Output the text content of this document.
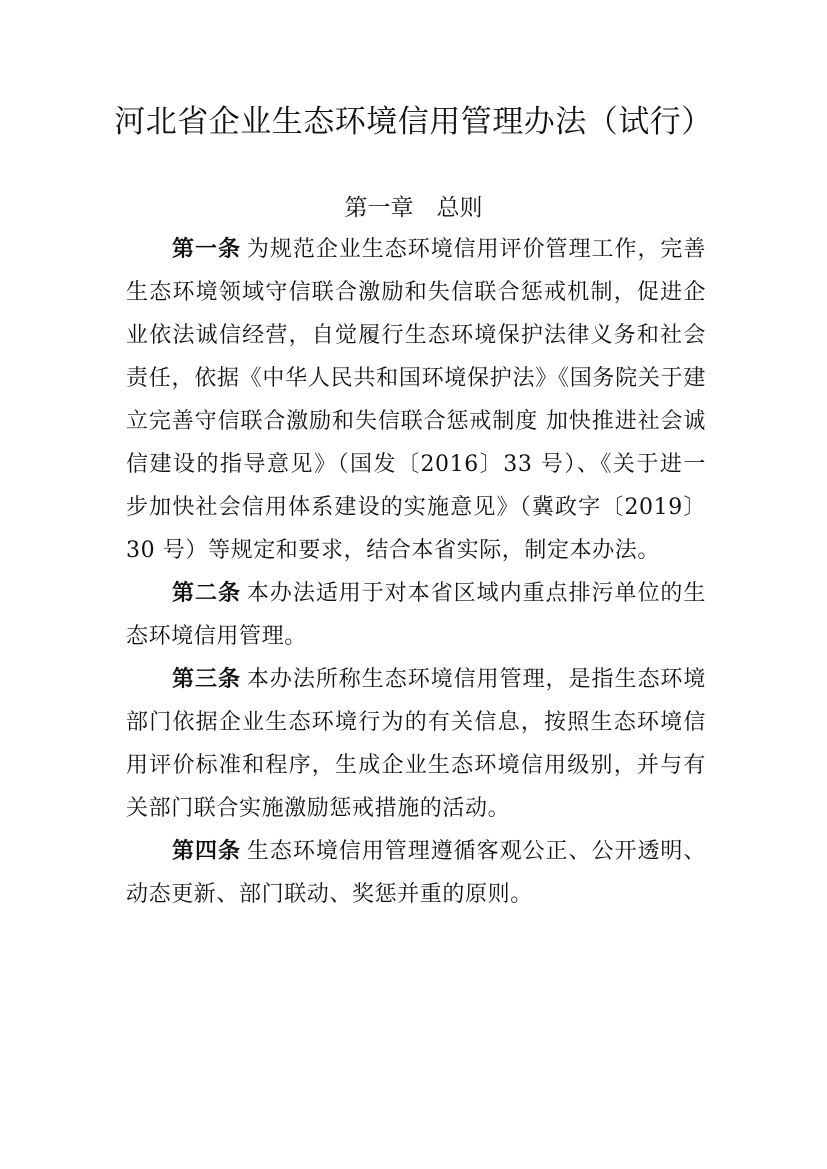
河北省企业生态环境信用管理办法（试行）
第一章　总则

第一条 为规范企业生态环境信用评价管理工作，完善生态环境领域守信联合激励和失信联合惩戒机制，促进企业依法诚信经营，自觉履行生态环境保护法律义务和社会责任，依据《中华人民共和国环境保护法》《国务院关于建立完善守信联合激励和失信联合惩戒制度 加快推进社会诚信建设的指导意见》（国发〔2016〕33 号）、《关于进一步加快社会信用体系建设的实施意见》（冀政字〔2019〕30 号）等规定和要求，结合本省实际，制定本办法。

第二条 本办法适用于对本省区域内重点排污单位的生态环境信用管理。

第三条 本办法所称生态环境信用管理，是指生态环境部门依据企业生态环境行为的有关信息，按照生态环境信用评价标准和程序，生成企业生态环境信用级别，并与有关部门联合实施激励惩戒措施的活动。

第四条 生态环境信用管理遵循客观公正、公开透明、动态更新、部门联动、奖惩并重的原则。
